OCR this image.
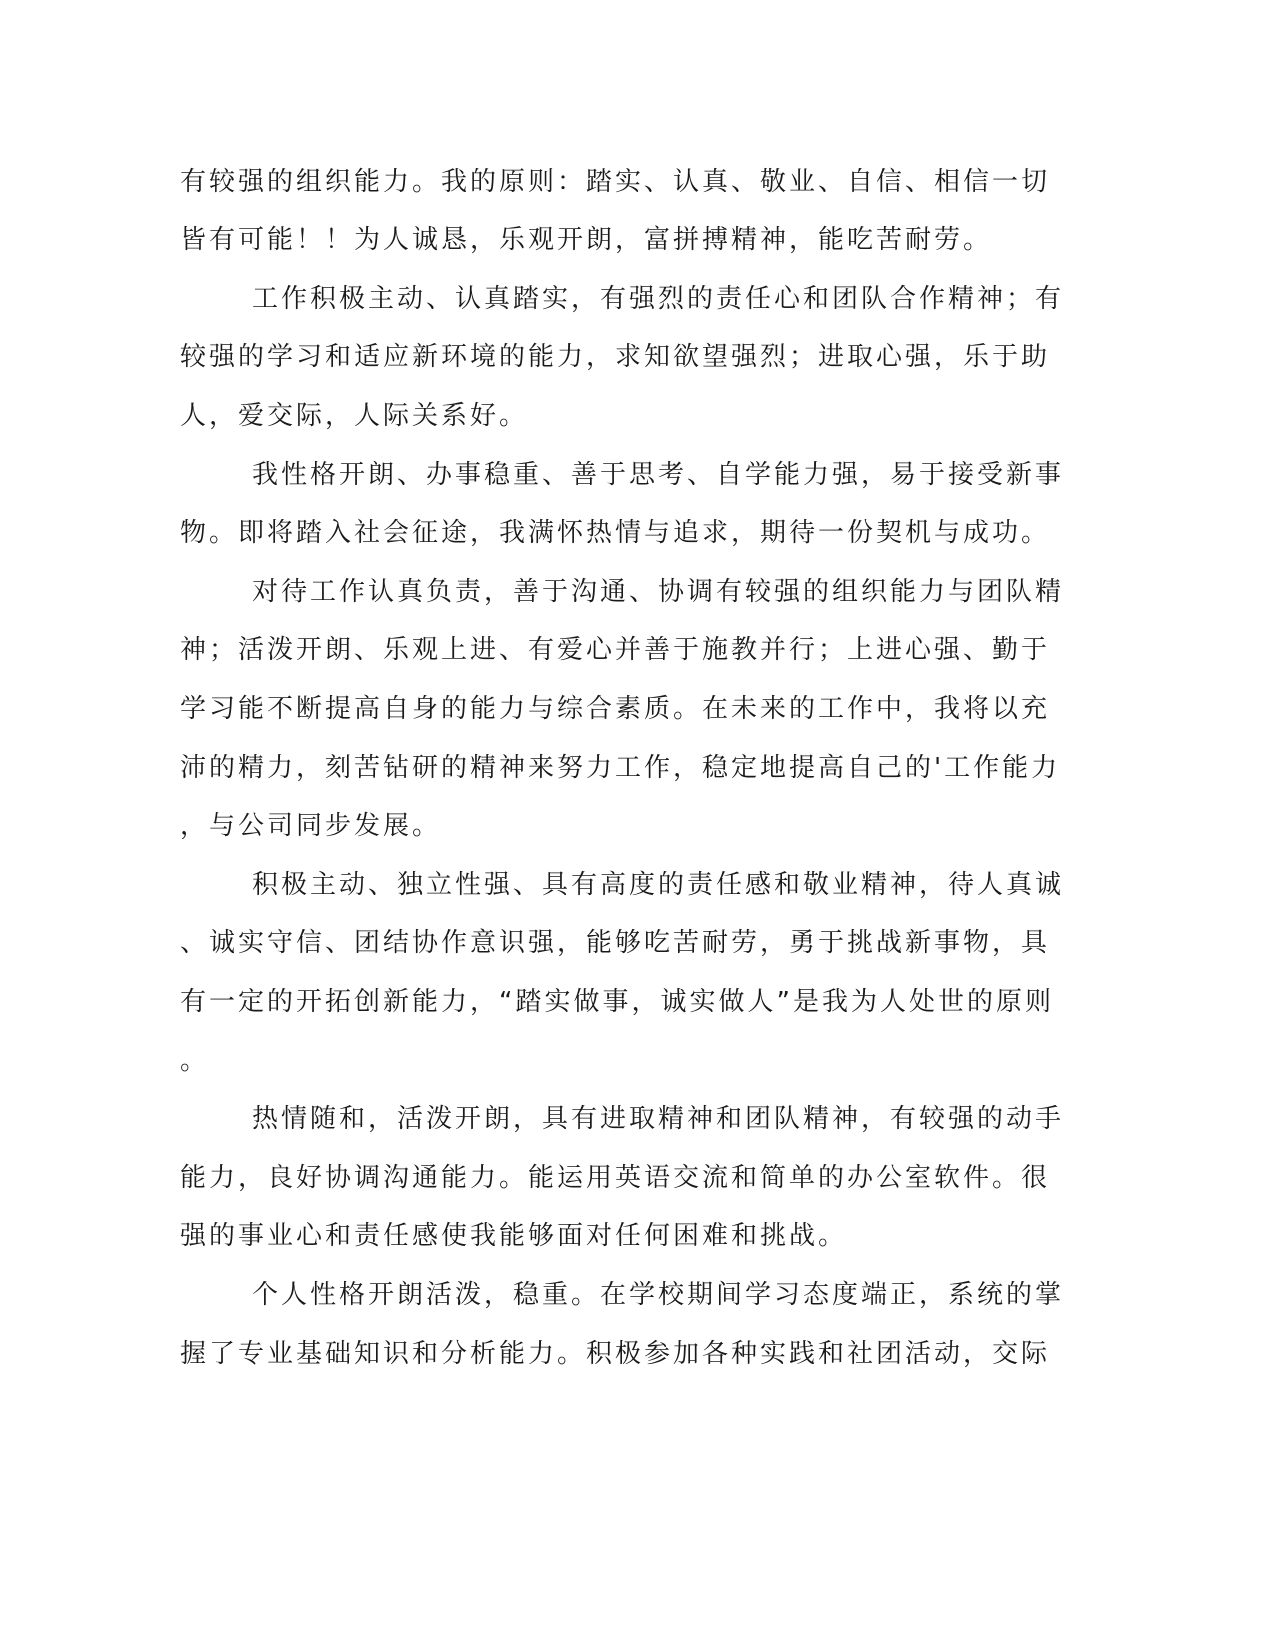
有较强的组织能力。我的原则：踏实、认真、敬业、自信、相信一切
皆有可能！！为人诚恳，乐观开朗，富拼搏精神，能吃苦耐劳。
工作积极主动、认真踏实，有强烈的责任心和团队合作精神；有
较强的学习和适应新环境的能力，求知欲望强烈；进取心强，乐于助
人，爱交际，人际关系好。
我性格开朗、办事稳重、善于思考、自学能力强，易于接受新事
物。即将踏入社会征途，我满怀热情与追求，期待一份契机与成功。
对待工作认真负责，善于沟通、协调有较强的组织能力与团队精
神；活泼开朗、乐观上进、有爱心并善于施教并行；上进心强、勤于
学习能不断提高自身的能力与综合素质。在未来的工作中，我将以充
沛的精力，刻苦钻研的精神来努力工作，稳定地提高自己的'工作能力
，与公司同步发展。
积极主动、独立性强、具有高度的责任感和敬业精神，待人真诚
、诚实守信、团结协作意识强，能够吃苦耐劳，勇于挑战新事物，具
有一定的开拓创新能力，“踏实做事，诚实做人”是我为人处世的原则
。
热情随和，活泼开朗，具有进取精神和团队精神，有较强的动手
能力，良好协调沟通能力。能运用英语交流和简单的办公室软件。很
强的事业心和责任感使我能够面对任何困难和挑战。
个人性格开朗活泼，稳重。在学校期间学习态度端正，系统的掌
握了专业基础知识和分析能力。积极参加各种实践和社团活动，交际
